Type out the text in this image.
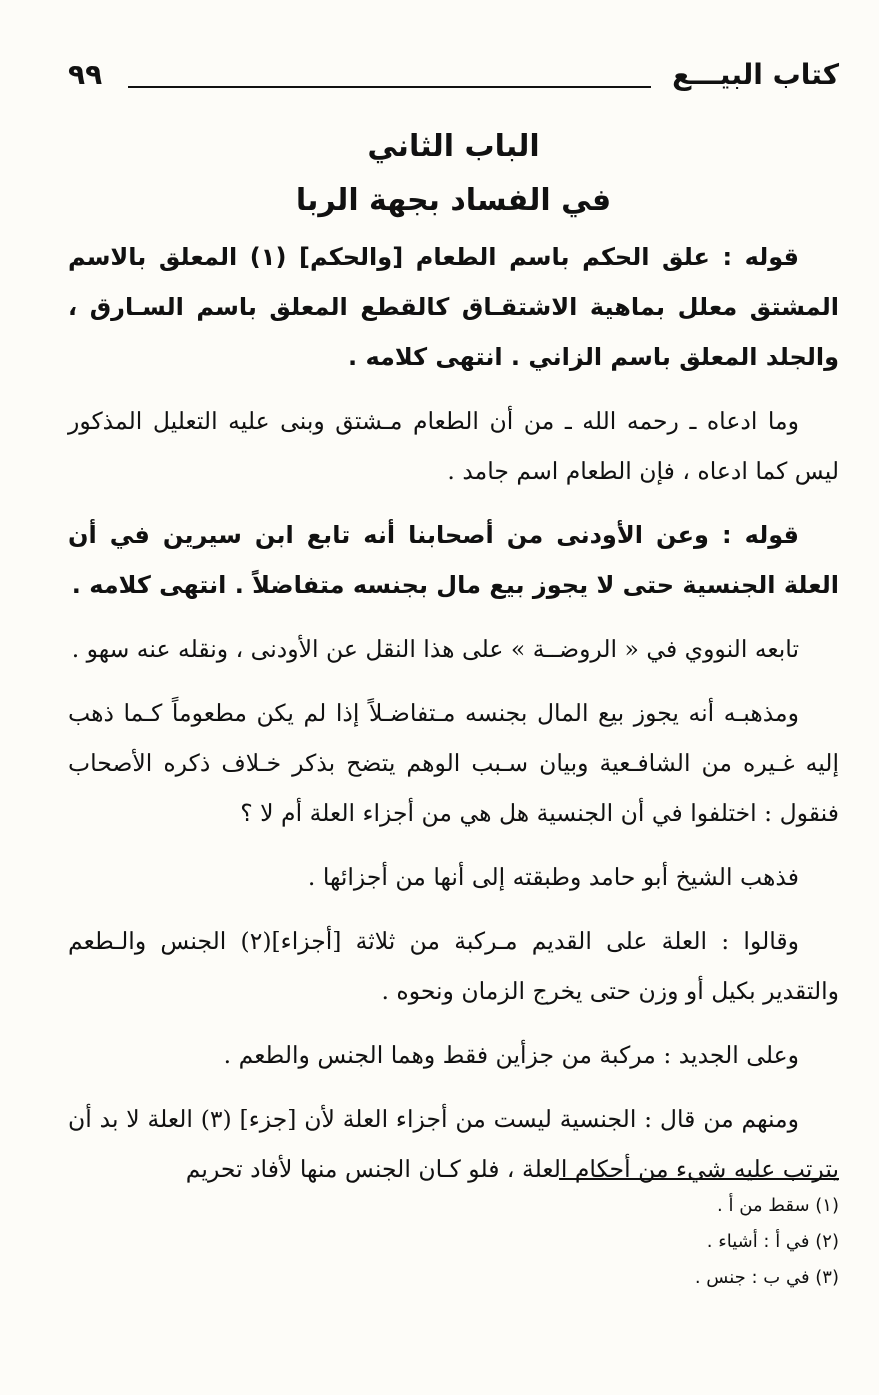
كتاب البيـــع
٩٩
الباب الثاني
في الفساد بجهة الربا

قوله : علق الحكم باسم الطعام [والحكم] (١) المعلق بالاسم المشتق معلل بماهية الاشتقـاق كالقطع المعلق باسم السـارق ، والجلد المعلق باسم الزاني . انتهى كلامه .

وما ادعاه ـ رحمه الله ـ من أن الطعام مـشتق وبنى عليه التعليل المذكور ليس كما ادعاه ، فإن الطعام اسم جامد .

قوله : وعن الأودنى من أصحابنا أنه تابع ابن سيرين في أن العلة الجنسية حتى لا يجوز بيع مال بجنسه متفاضلاً . انتهى كلامه .

تابعه النووي في « الروضــة » على هذا النقل عن الأودنى ، ونقله عنه سهو .

ومذهبـه أنه يجوز بيع المال بجنسه مـتفاضـلاً إذا لم يكن مطعوماً كـما ذهب إليه غـيره من الشافـعية وبيان سـبب الوهم يتضح بذكر خـلاف ذكره الأصحاب فنقول : اختلفوا في أن الجنسية هل هي من أجزاء العلة أم لا ؟

فذهب الشيخ أبو حامد وطبقته إلى أنها من أجزائها .

وقالوا : العلة على القديم مـركبة من ثلاثة [أجزاء](٢) الجنس والـطعم والتقدير بكيل أو وزن حتى يخرج الزمان ونحوه .

وعلى الجديد : مركبة من جزأين فقط وهما الجنس والطعم .

ومنهم من قال : الجنسية ليست من أجزاء العلة لأن [جزء] (٣) العلة لا بد أن يترتب عليه شيء من أحكام العلة ، فلو كـان الجنس منها لأفاد تحريم

(١) سقط من أ .
(٢) في أ : أشياء .
(٣) في ب : جنس .
